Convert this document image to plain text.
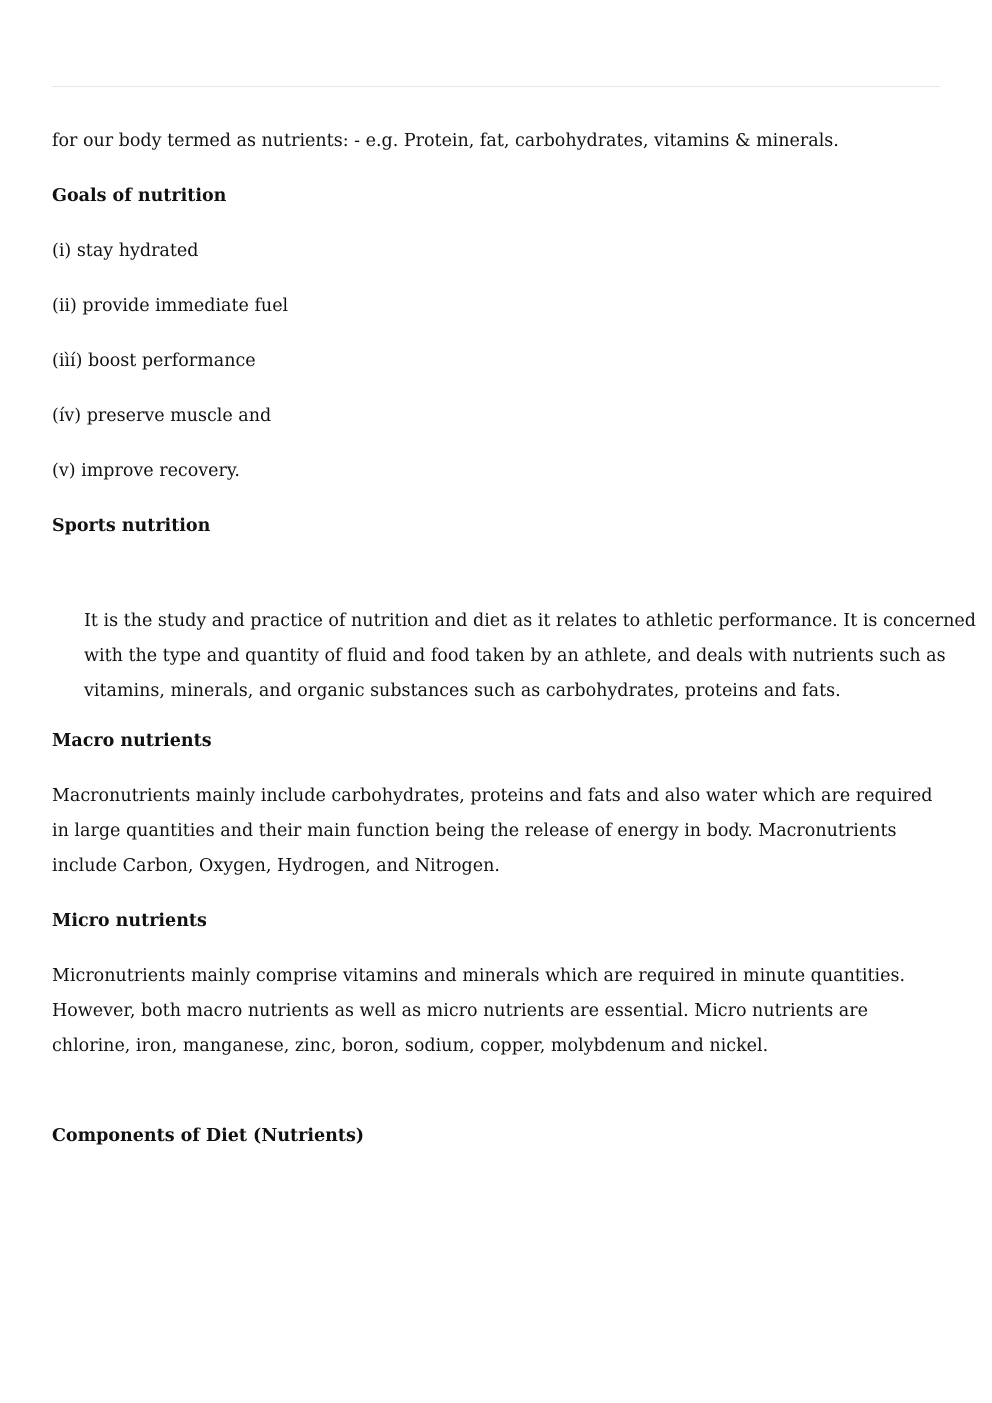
for our body termed as nutrients: - e.g. Protein, fat, carbohydrates, vitamins & minerals.

Goals of nutrition

(i) stay hydrated

(ii) provide immediate fuel

(iìí) boost performance

(ív) preserve muscle and

(v) improve recovery.

Sports nutrition

It is the study and practice of nutrition and diet as it relates to athletic performance. It is concerned with the type and quantity of fluid and food taken by an athlete, and deals with nutrients such as vitamins, minerals, and organic substances such as carbohydrates, proteins and fats.

Macro nutrients

Macronutrients mainly include carbohydrates, proteins and fats and also water which are required in large quantities and their main function being the release of energy in body. Macronutrients include Carbon, Oxygen, Hydrogen, and Nitrogen.

Micro nutrients

Micronutrients mainly comprise vitamins and minerals which are required in minute quantities. However, both macro nutrients as well as micro nutrients are essential. Micro nutrients are chlorine, iron, manganese, zinc, boron, sodium, copper, molybdenum and nickel.

Components of Diet (Nutrients)
